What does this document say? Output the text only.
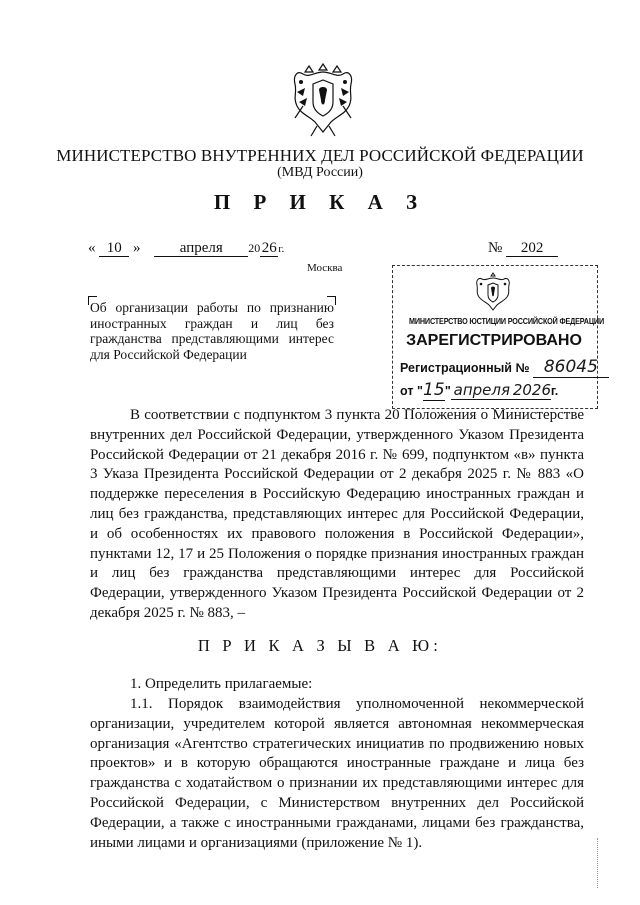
МИНИСТЕРСТВО ВНУТРЕННИХ ДЕЛ РОССИЙСКОЙ ФЕДЕРАЦИИ
(МВД России)
П Р И К А З
« 10 »	апреля 20 26 г.	№ 202
Москва
Об организации работы по признанию иностранных граждан и лиц без гражданства представляющими интерес для Российской Федерации
МИНИСТЕРСТВО ЮСТИЦИИ РОССИЙСКОЙ ФЕДЕРАЦИИ
ЗАРЕГИСТРИРОВАНО
Регистрационный № 86045
от "15" апреля 2026г.
В соответствии с подпунктом 3 пункта 20 Положения о Министерстве внутренних дел Российской Федерации, утвержденного Указом Президента Российской Федерации от 21 декабря 2016 г. № 699, подпунктом «в» пункта 3 Указа Президента Российской Федерации от 2 декабря 2025 г. № 883 «О поддержке переселения в Российскую Федерацию иностранных граждан и лиц без гражданства, представляющих интерес для Российской Федерации, и об особенностях их правового положения в Российской Федерации», пунктами 12, 17 и 25 Положения о порядке признания иностранных граждан и лиц без гражданства представляющими интерес для Российской Федерации, утвержденного Указом Президента Российской Федерации от 2 декабря 2025 г. № 883, –
П Р И К А З Ы В А Ю:
1. Определить прилагаемые:
1.1. Порядок взаимодействия уполномоченной некоммерческой организации, учредителем которой является автономная некоммерческая организация «Агентство стратегических инициатив по продвижению новых проектов» и в которую обращаются иностранные граждане и лица без гражданства с ходатайством о признании их представляющими интерес для Российской Федерации, с Министерством внутренних дел Российской Федерации, а также с иностранными гражданами, лицами без гражданства, иными лицами и организациями (приложение № 1).
